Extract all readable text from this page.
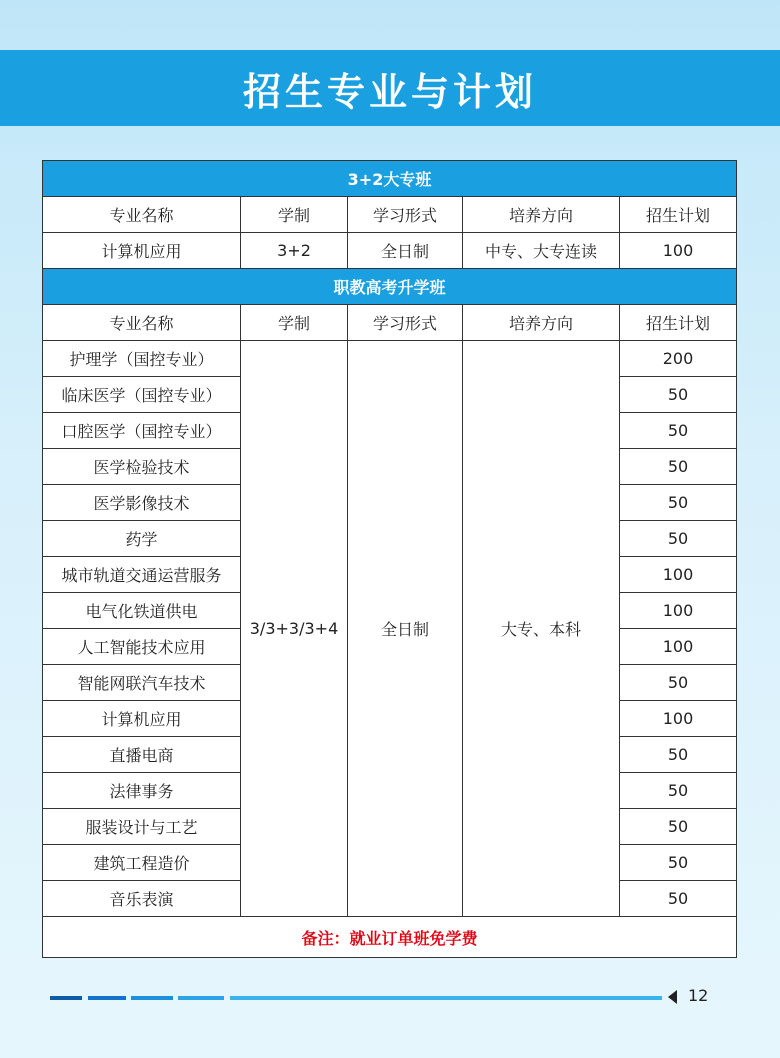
招生专业与计划
3+2大专班				
专业名称	学制	学习形式	培养方向	招生计划
计算机应用	3+2	全日制	中专、大专连读	100
职教高考升学班				
专业名称	学制	学习形式	培养方向	招生计划
护理学（国控专业）	3/3+3/3+4	全日制	大专、本科	200
临床医学（国控专业）				50
口腔医学（国控专业）				50
医学检验技术				50
医学影像技术				50
药学				50
城市轨道交通运营服务				100
电气化铁道供电				100
人工智能技术应用				100
智能网联汽车技术				50
计算机应用				100
直播电商				50
法律事务				50
服装设计与工艺				50
建筑工程造价				50
音乐表演				50
备注：就业订单班免学费				
12
